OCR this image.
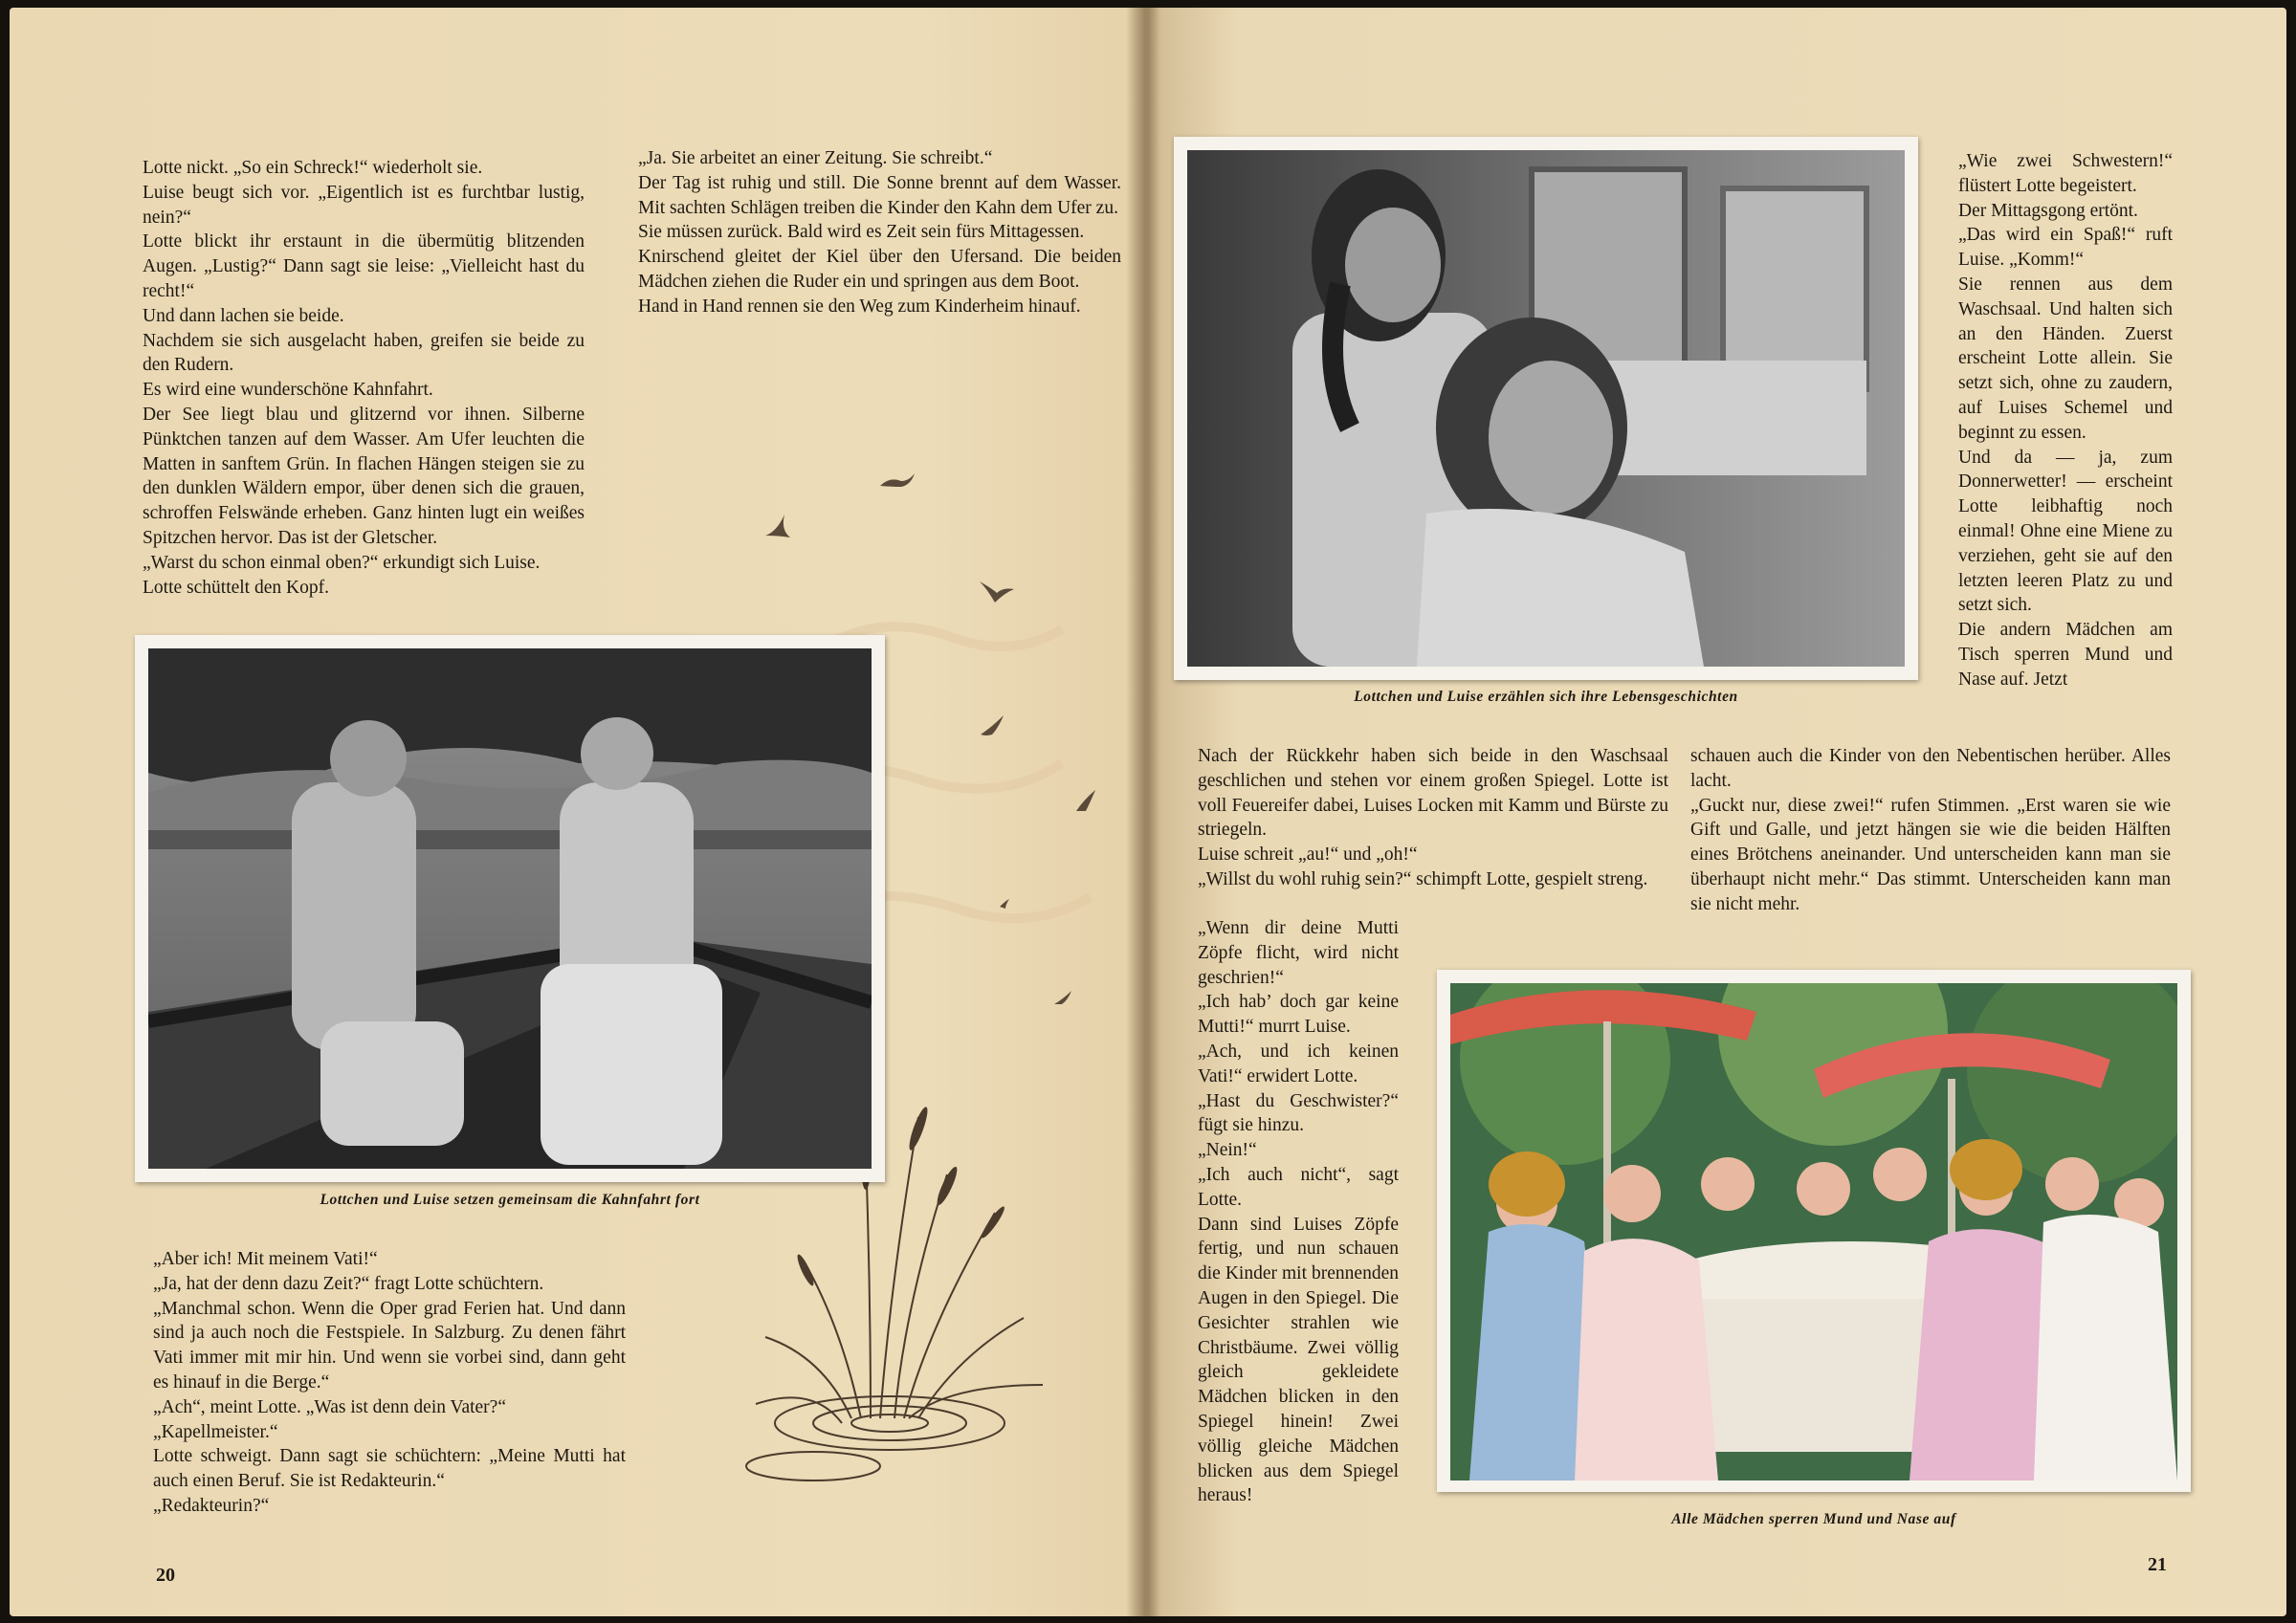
Lotte nickt. „So ein Schreck!“ wiederholt sie.

Luise beugt sich vor. „Eigentlich ist es furchtbar lustig, nein?“

Lotte blickt ihr erstaunt in die übermütig blitzenden Augen. „Lustig?“ Dann sagt sie leise: „Vielleicht hast du recht!“

Und dann lachen sie beide.

Nachdem sie sich ausgelacht haben, greifen sie beide zu den Rudern.

Es wird eine wunderschöne Kahnfahrt.

Der See liegt blau und glitzernd vor ihnen. Silberne Pünktchen tanzen auf dem Wasser. Am Ufer leuchten die Matten in sanftem Grün. In flachen Hängen steigen sie zu den dunklen Wäldern empor, über denen sich die grauen, schroffen Felswände erheben. Ganz hinten lugt ein weißes Spitzchen hervor. Das ist der Gletscher.

„Warst du schon einmal oben?“ erkundigt sich Luise.

Lotte schüttelt den Kopf.

„Ja. Sie arbeitet an einer Zeitung. Sie schreibt.“

Der Tag ist ruhig und still. Die Sonne brennt auf dem Wasser. Mit sachten Schlägen treiben die Kinder den Kahn dem Ufer zu.

Sie müssen zurück. Bald wird es Zeit sein fürs Mittagessen.

Knirschend gleitet der Kiel über den Ufersand. Die beiden Mädchen ziehen die Ruder ein und springen aus dem Boot.

Hand in Hand rennen sie den Weg zum Kinderheim hinauf.

Lottchen und Luise setzen gemeinsam die Kahnfahrt fort

„Aber ich! Mit meinem Vati!“

„Ja, hat der denn dazu Zeit?“ fragt Lotte schüchtern.

„Manchmal schon. Wenn die Oper grad Ferien hat. Und dann sind ja auch noch die Festspiele. In Salzburg. Zu denen fährt Vati immer mit mir hin. Und wenn sie vorbei sind, dann geht es hinauf in die Berge.“

„Ach“, meint Lotte. „Was ist denn dein Vater?“

„Kapellmeister.“

Lotte schweigt. Dann sagt sie schüchtern: „Meine Mutti hat auch einen Beruf. Sie ist Redakteurin.“

„Redakteurin?“

20
Lottchen und Luise erzählen sich ihre Lebensgeschichten

„Wie zwei Schwestern!“ flüstert Lotte begeistert.

Der Mittagsgong ertönt.

„Das wird ein Spaß!“ ruft Luise. „Komm!“

Sie rennen aus dem Waschsaal. Und halten sich an den Händen. Zuerst erscheint Lotte allein. Sie setzt sich, ohne zu zaudern, auf Luises Schemel und beginnt zu essen.

Und da — ja, zum Donnerwetter! — erscheint Lotte leibhaftig noch einmal! Ohne eine Miene zu verziehen, geht sie auf den letzten leeren Platz zu und setzt sich.

Die andern Mädchen am Tisch sperren Mund und Nase auf. Jetzt

Nach der Rückkehr haben sich beide in den Waschsaal geschlichen und stehen vor einem großen Spiegel. Lotte ist voll Feuereifer dabei, Luises Locken mit Kamm und Bürste zu striegeln.

Luise schreit „au!“ und „oh!“

„Willst du wohl ruhig sein?“ schimpft Lotte, gespielt streng.

schauen auch die Kinder von den Nebentischen herüber. Alles lacht.

„Guckt nur, diese zwei!“ rufen Stimmen. „Erst waren sie wie Gift und Galle, und jetzt hängen sie wie die beiden Hälften eines Brötchens aneinander. Und unterscheiden kann man sie überhaupt nicht mehr.“ Das stimmt. Unterscheiden kann man sie nicht mehr.

„Wenn dir deine Mutti Zöpfe flicht, wird nicht geschrien!“

„Ich hab’ doch gar keine Mutti!“ murrt Luise.

„Ach, und ich keinen Vati!“ erwidert Lotte.

„Hast du Geschwister?“ fügt sie hinzu.

„Nein!“

„Ich auch nicht“, sagt Lotte.

Dann sind Luises Zöpfe fertig, und nun schauen die Kinder mit brennenden Augen in den Spiegel. Die Gesichter strahlen wie Christbäume. Zwei völlig gleich gekleidete Mädchen blicken in den Spiegel hinein! Zwei völlig gleiche Mädchen blicken aus dem Spiegel heraus!

Alle Mädchen sperren Mund und Nase auf
21
